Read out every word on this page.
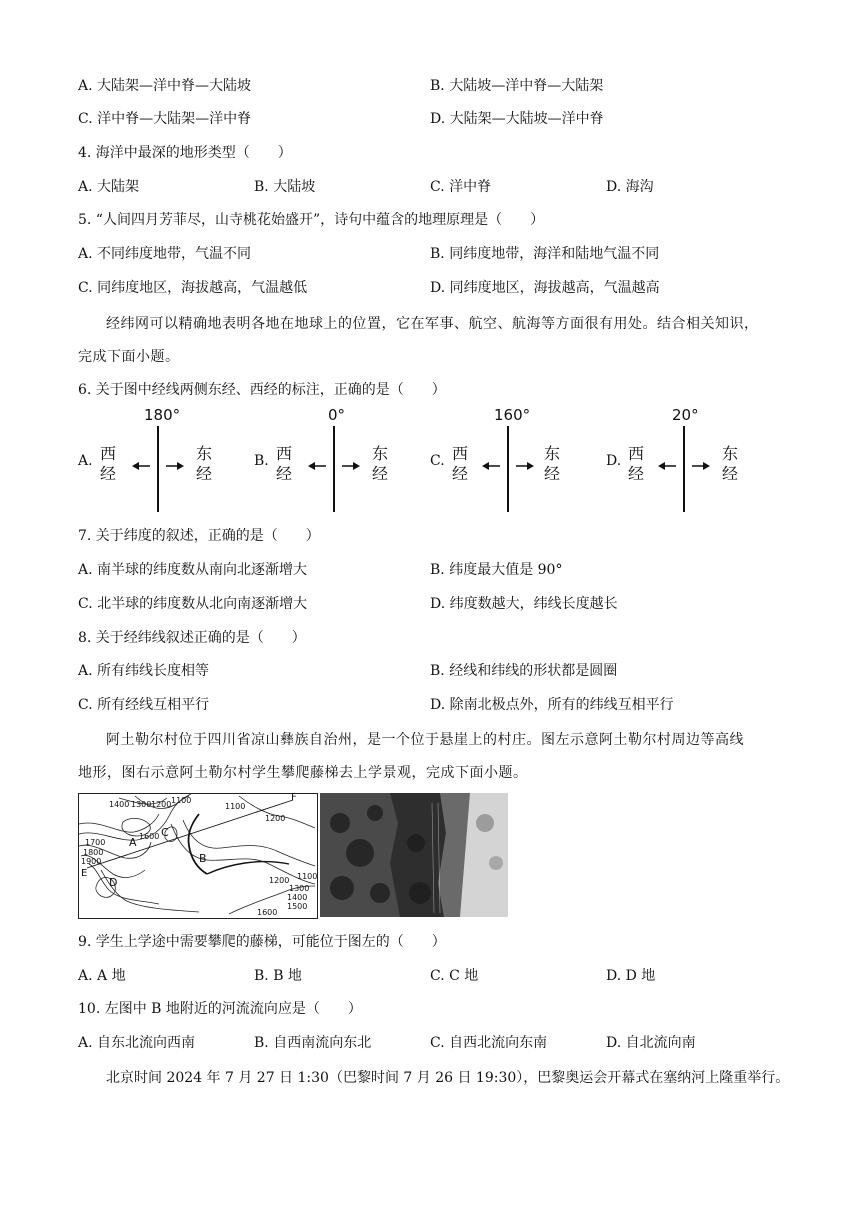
A. 大陆架—洋中脊—大陆坡	B. 大陆坡—洋中脊—大陆架
C. 洋中脊—大陆架—洋中脊	D. 大陆架—大陆坡—洋中脊
4. 海洋中最深的地形类型（　　）
A. 大陆架	B. 大陆坡	C. 洋中脊	D. 海沟
5. “人间四月芳菲尽，山寺桃花始盛开”，诗句中蕴含的地理原理是（　　）
A. 不同纬度地带，气温不同	B. 同纬度地带，海洋和陆地气温不同
C. 同纬度地区，海拔越高，气温越低	D. 同纬度地区，海拔越高，气温越高
经纬网可以精确地表明各地在地球上的位置，它在军事、航空、航海等方面很有用处。结合相关知识，
完成下面小题。
6. 关于图中经线两侧东经、西经的标注，正确的是（　　）
A.
180°
西经
东经
B.
0°
西经
东经
C.
160°
西经
东经
D.
20°
西经
东经
7. 关于纬度的叙述，正确的是（　　）
A. 南半球的纬度数从南向北逐渐增大	B. 纬度最大值是 90°
C. 北半球的纬度数从北向南逐渐增大	D. 纬度数越大，纬线长度越长
8. 关于经纬线叙述正确的是（　　）
A. 所有纬线长度相等	B. 经线和纬线的形状都是圆圈
C. 所有经线互相平行	D. 除南北极点外，所有的纬线互相平行
阿土勒尔村位于四川省凉山彝族自治州，是一个位于悬崖上的村庄。图左示意阿土勒尔村周边等高线
地形，图右示意阿土勒尔村学生攀爬藤梯去上学景观，完成下面小题。
1400 1300 1200 1100
1100
1200
1600
1700
1800
1900
1200 1100
1300
1400
1500
1600
A
B
C
D
E
F
9. 学生上学途中需要攀爬的藤梯，可能位于图左的（　　）
A. A 地	B. B 地	C. C 地	D. D 地
10. 左图中 B 地附近的河流流向应是（　　）
A. 自东北流向西南	B. 自西南流向东北	C. 自西北流向东南	D. 自北流向南
北京时间 2024 年 7 月 27 日 1:30（巴黎时间 7 月 26 日 19:30），巴黎奥运会开幕式在塞纳河上隆重举行。
